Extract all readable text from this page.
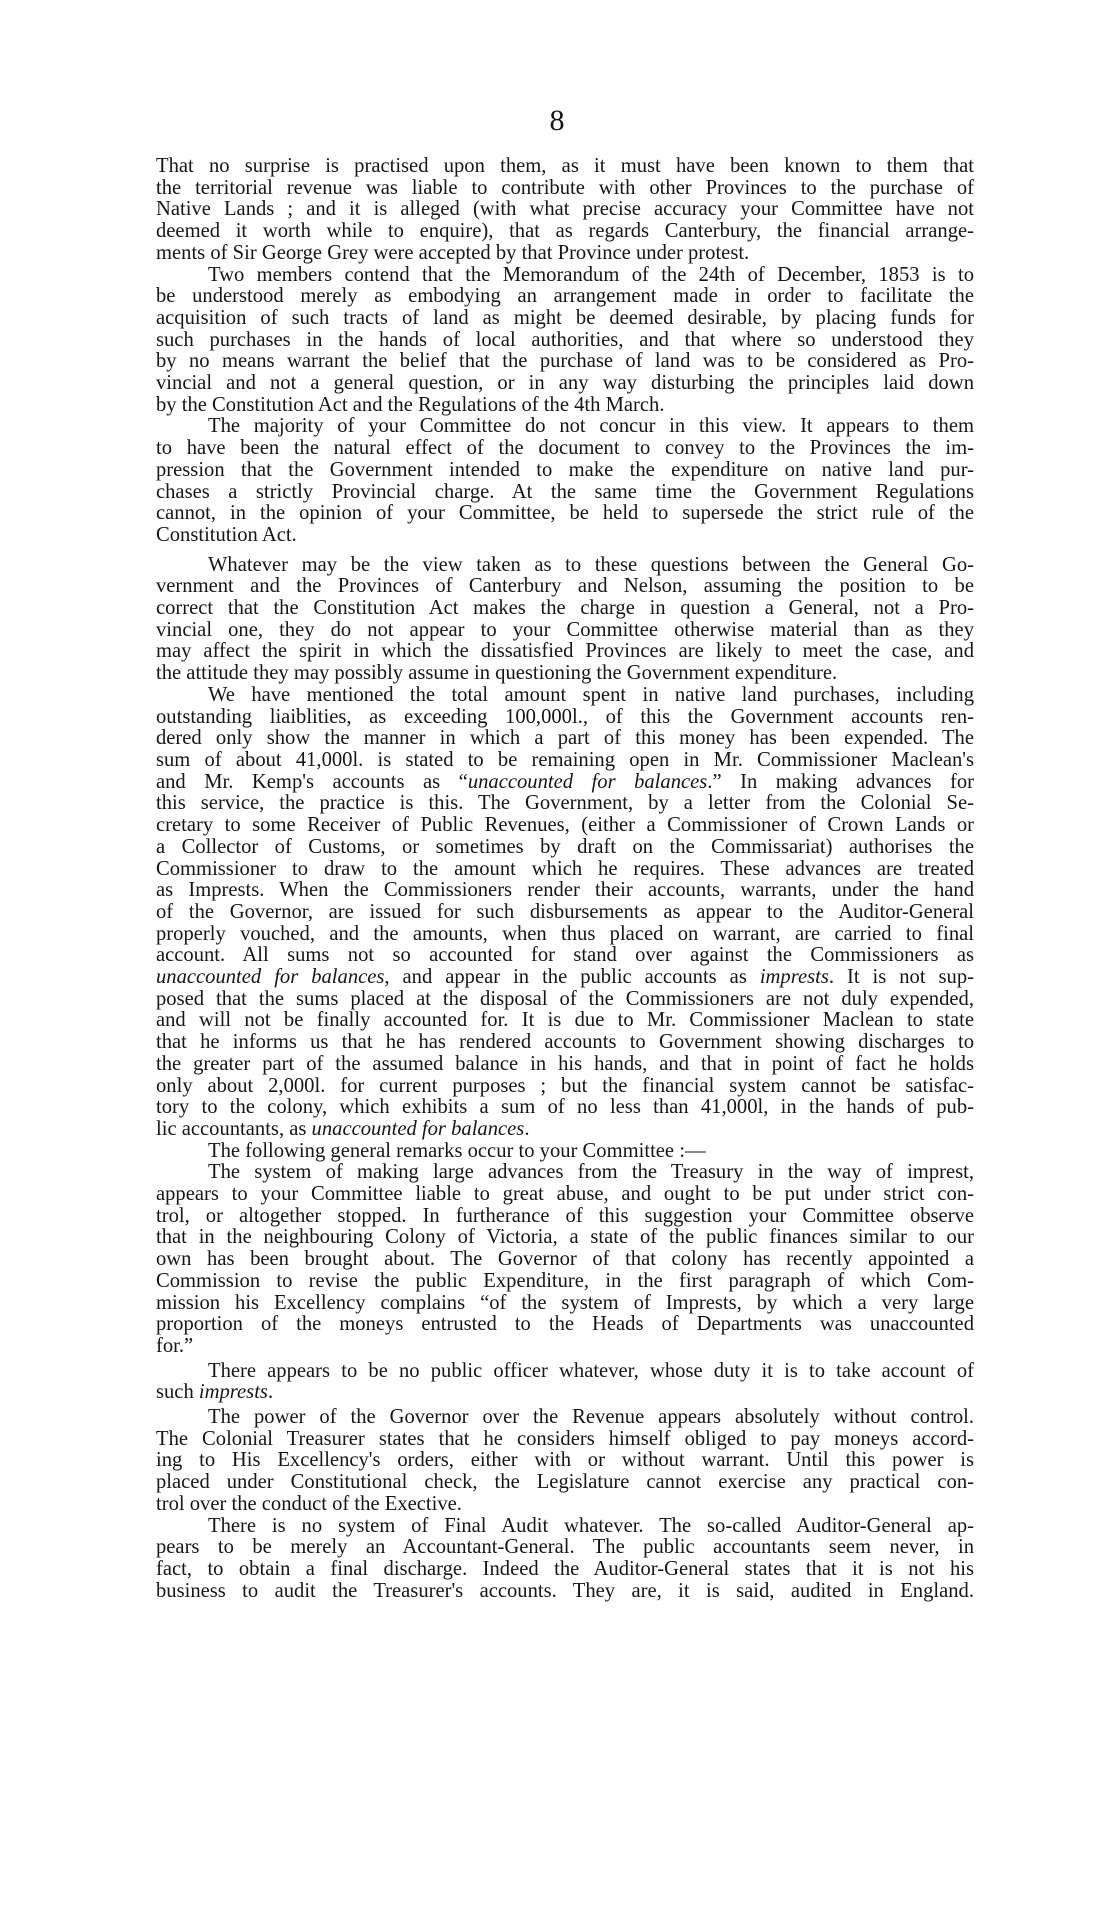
8

That no surprise is practised upon them, as it must have been known to them that
the territorial revenue was liable to contribute with other Provinces to the purchase of
Native Lands ; and it is alleged (with what precise accuracy your Committee have not
deemed it worth while to enquire), that as regards Canterbury, the financial arrange-
ments of Sir George Grey were accepted by that Province under protest.

Two members contend that the Memorandum of the 24th of December, 1853 is to
be understood merely as embodying an arrangement made in order to facilitate the
acquisition of such tracts of land as might be deemed desirable, by placing funds for
such purchases in the hands of local authorities, and that where so understood they
by no means warrant the belief that the purchase of land was to be considered as Pro-
vincial and not a general question, or in any way disturbing the principles laid down
by the Constitution Act and the Regulations of the 4th March.

The majority of your Committee do not concur in this view. It appears to them
to have been the natural effect of the document to convey to the Provinces the im-
pression that the Government intended to make the expenditure on native land pur-
chases a strictly Provincial charge. At the same time the Government Regulations
cannot, in the opinion of your Committee, be held to supersede the strict rule of the
Constitution Act.

Whatever may be the view taken as to these questions between the General Go-
vernment and the Provinces of Canterbury and Nelson, assuming the position to be
correct that the Constitution Act makes the charge in question a General, not a Pro-
vincial one, they do not appear to your Committee otherwise material than as they
may affect the spirit in which the dissatisfied Provinces are likely to meet the case, and
the attitude they may possibly assume in questioning the Government expenditure.

We have mentioned the total amount spent in native land purchases, including
outstanding liaiblities, as exceeding 100,000l., of this the Government accounts ren-
dered only show the manner in which a part of this money has been expended. The
sum of about 41,000l. is stated to be remaining open in Mr. Commissioner Maclean's
and Mr. Kemp's accounts as “unaccounted for balances.” In making advances for
this service, the practice is this. The Government, by a letter from the Colonial Se-
cretary to some Receiver of Public Revenues, (either a Commissioner of Crown Lands or
a Collector of Customs, or sometimes by draft on the Commissariat) authorises the
Commissioner to draw to the amount which he requires. These advances are treated
as Imprests. When the Commissioners render their accounts, warrants, under the hand
of the Governor, are issued for such disbursements as appear to the Auditor-General
properly vouched, and the amounts, when thus placed on warrant, are carried to final
account. All sums not so accounted for stand over against the Commissioners as
unaccounted for balances, and appear in the public accounts as imprests. It is not sup-
posed that the sums placed at the disposal of the Commissioners are not duly expended,
and will not be finally accounted for. It is due to Mr. Commissioner Maclean to state
that he informs us that he has rendered accounts to Government showing discharges to
the greater part of the assumed balance in his hands, and that in point of fact he holds
only about 2,000l. for current purposes ; but the financial system cannot be satisfac-
tory to the colony, which exhibits a sum of no less than 41,000l, in the hands of pub-
lic accountants, as unaccounted for balances.

The following general remarks occur to your Committee :—

The system of making large advances from the Treasury in the way of imprest,
appears to your Committee liable to great abuse, and ought to be put under strict con-
trol, or altogether stopped. In furtherance of this suggestion your Committee observe
that in the neighbouring Colony of Victoria, a state of the public finances similar to our
own has been brought about. The Governor of that colony has recently appointed a
Commission to revise the public Expenditure, in the first paragraph of which Com-
mission his Excellency complains “of the system of Imprests, by which a very large
proportion of the moneys entrusted to the Heads of Departments was unaccounted
for.”

There appears to be no public officer whatever, whose duty it is to take account of
such imprests.

The power of the Governor over the Revenue appears absolutely without control.
The Colonial Treasurer states that he considers himself obliged to pay moneys accord-
ing to His Excellency's orders, either with or without warrant. Until this power is
placed under Constitutional check, the Legislature cannot exercise any practical con-
trol over the conduct of the Exective.

There is no system of Final Audit whatever. The so-called Auditor-General ap-
pears to be merely an Accountant-General. The public accountants seem never, in
fact, to obtain a final discharge. Indeed the Auditor-General states that it is not his
business to audit the Treasurer's accounts. They are, it is said, audited in England.
